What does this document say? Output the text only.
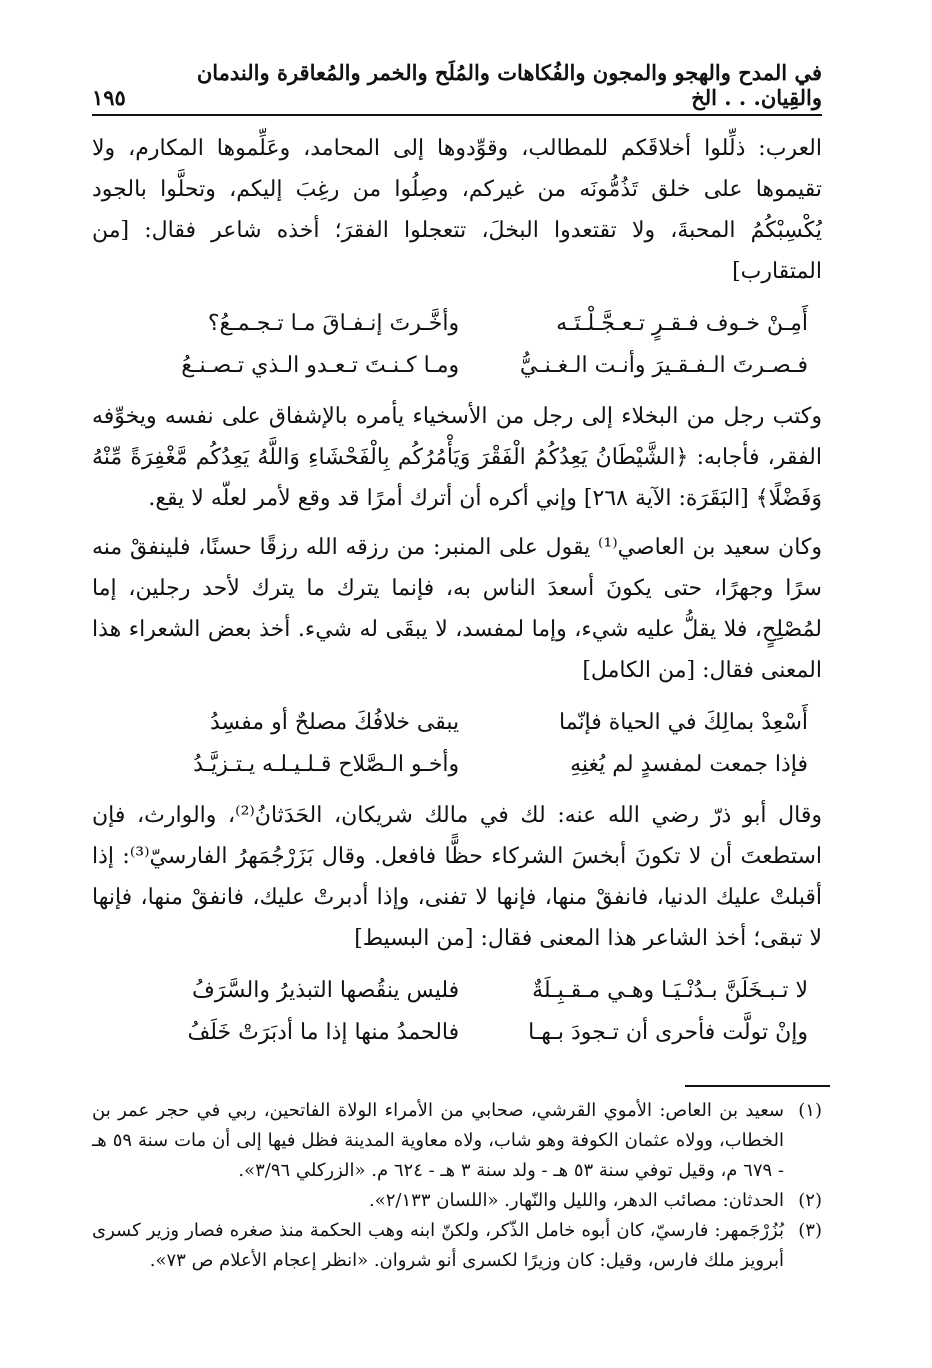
في المدح والهجو والمجون والفُكاهات والمُلَح والخمر والمُعاقرة والندمان والقِيان. . . الخ
١٩٥

العرب: ذلِّلوا أخلاقَكم للمطالب، وقوِّدوها إلى المحامد، وعَلِّموها المكارم، ولا تقيموها على خلق تَذُمُّونَه من غيركم، وصِلُوا من رغِبَ إليكم، وتحلَّوا بالجود يُكْسِبْكُمُ المحبةَ، ولا تقتعدوا البخلَ، تتعجلوا الفقرَ؛ أخذه شاعر فقال: [من المتقارب]

أَمِـنْ خـوف فـقـرٍ تـعـجَّـلْـتَـه
وأخَّـرتَ إنـفـاقَ مـا تـجـمـعُ؟
فـصـرتَ الـفـقـيرَ وأنـت الـغـنـيُّ
ومـا كـنـتَ تـعـدو الـذي تـصـنـعُ

وكتب رجل من البخلاء إلى رجل من الأسخياء يأمره بالإشفاق على نفسه ويخوِّفه الفقر، فأجابه: ﴿الشَّيْطَانُ يَعِدُكُمُ الْفَقْرَ وَيَأْمُرُكُم بِالْفَحْشَاءِ وَاللَّهُ يَعِدُكُم مَّغْفِرَةً مِّنْهُ وَفَضْلًا﴾ [البَقَرَة: الآية ٢٦٨] وإني أكره أن أترك أمرًا قد وقع لأمر لعلّه لا يقع.

وكان سعيد بن العاصي⁽¹⁾ يقول على المنبر: من رزقه الله رزقًا حسنًا، فلينفقْ منه سرًا وجهرًا، حتى يكونَ أسعدَ الناس به، فإنما يترك ما يترك لأحد رجلين، إما لمُصْلِحٍ، فلا يقلُّ عليه شيء، وإما لمفسد، لا يبقَى له شيء. أخذ بعض الشعراء هذا المعنى فقال: [من الكامل]

أَسْعِدْ بمالِكَ في الحياة فإنّما
يبقى خلافُكَ مصلحٌ أو مفسِدُ
فإذا جمعت لمفسدٍ لم يُغنِهِ
وأخـو الـصَّلاح قـلـيـلـه يـتـزيَّـدُ

وقال أبو ذرّ رضي الله عنه: لك في مالك شريكان، الحَدَثانُ⁽²⁾، والوارث، فإن استطعتَ أن لا تكونَ أبخسَ الشركاء حظًّا فافعل. وقال بَزَرْجُمَهرُ الفارسيّ⁽³⁾: إذا أقبلتْ عليك الدنيا، فانفقْ منها، فإنها لا تفنى، وإذا أدبرتْ عليك، فانفقْ منها، فإنها لا تبقى؛ أخذ الشاعر هذا المعنى فقال: [من البسيط]

لا تـبـخَلَنَّ بـدُنْـيَـا وهـي مـقـبِـلَةٌ
فليس ينقُصها التبذيرُ والسَّرَفُ
وإنْ تولَّت فأحرى أن تـجودَ بـهـا
فالحمدُ منها إذا ما أدبَرَتْ خَلَفُ
(١)
سعيد بن العاص: الأموي القرشي، صحابي من الأمراء الولاة الفاتحين، ربي في حجر عمر بن الخطاب، وولاه عثمان الكوفة وهو شاب، ولاه معاوية المدينة فظل فيها إلى أن مات سنة ٥٩ هـ - ٦٧٩ م، وقيل توفي سنة ٥٣ هـ - ولد سنة ٣ هـ - ٦٢٤ م. «الزركلي ٣/٩٦».
(٢)
الحدثان: مصائب الدهر، والليل والنّهار. «اللسان ٢/١٣٣».
(٣)
بُزُرْجَمهر: فارسيّ، كان أبوه خامل الذّكر، ولكنّ ابنه وهب الحكمة منذ صغره فصار وزير كسرى أبرويز ملك فارس، وقيل: كان وزيرًا لكسرى أنو شروان. «انظر إعجام الأعلام ص ٧٣».
